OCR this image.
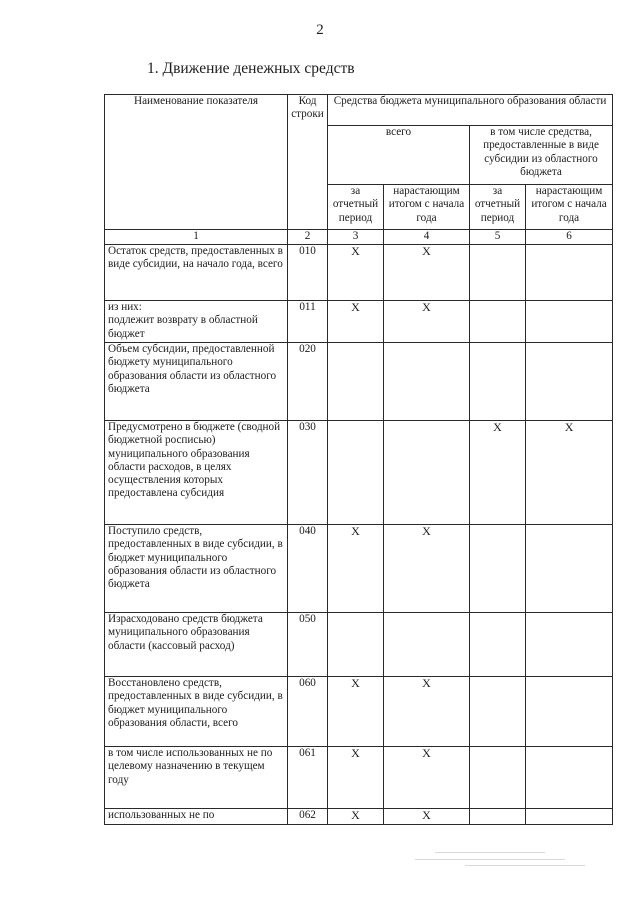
2
1. Движение денежных средств
Наименование показателя	Код строки	Средства бюджета муниципального образования области			
		всего		в том числе средства, предоставленные в виде субсидии из областного бюджета	
		за отчетный период	нарастающим итогом с начала года	за отчетный период	нарастающим итогом с начала года
1	2	3	4	5	6
Остаток средств, предоставленных в виде субсидии, на начало года, всего	010	X	X		
из них:
подлежит возврату в областной бюджет	011	X	X		
Объем субсидии, предоставленной бюджету муниципального образования области из областного бюджета	020				
Предусмотрено в бюджете (сводной бюджетной росписью) муниципального образования области расходов, в целях осуществления которых предоставлена субсидия	030			X	X
Поступило средств, предоставленных в виде субсидии, в бюджет муниципального образования области из областного бюджета	040	X	X		
Израсходовано средств бюджета муниципального образования области (кассовый расход)	050				
Восстановлено средств, предоставленных в виде субсидии, в бюджет муниципального образования области, всего	060	X	X		
в том числе использованных не по целевому назначению в текущем году	061	X	X		
использованных не по	062	X	X		
